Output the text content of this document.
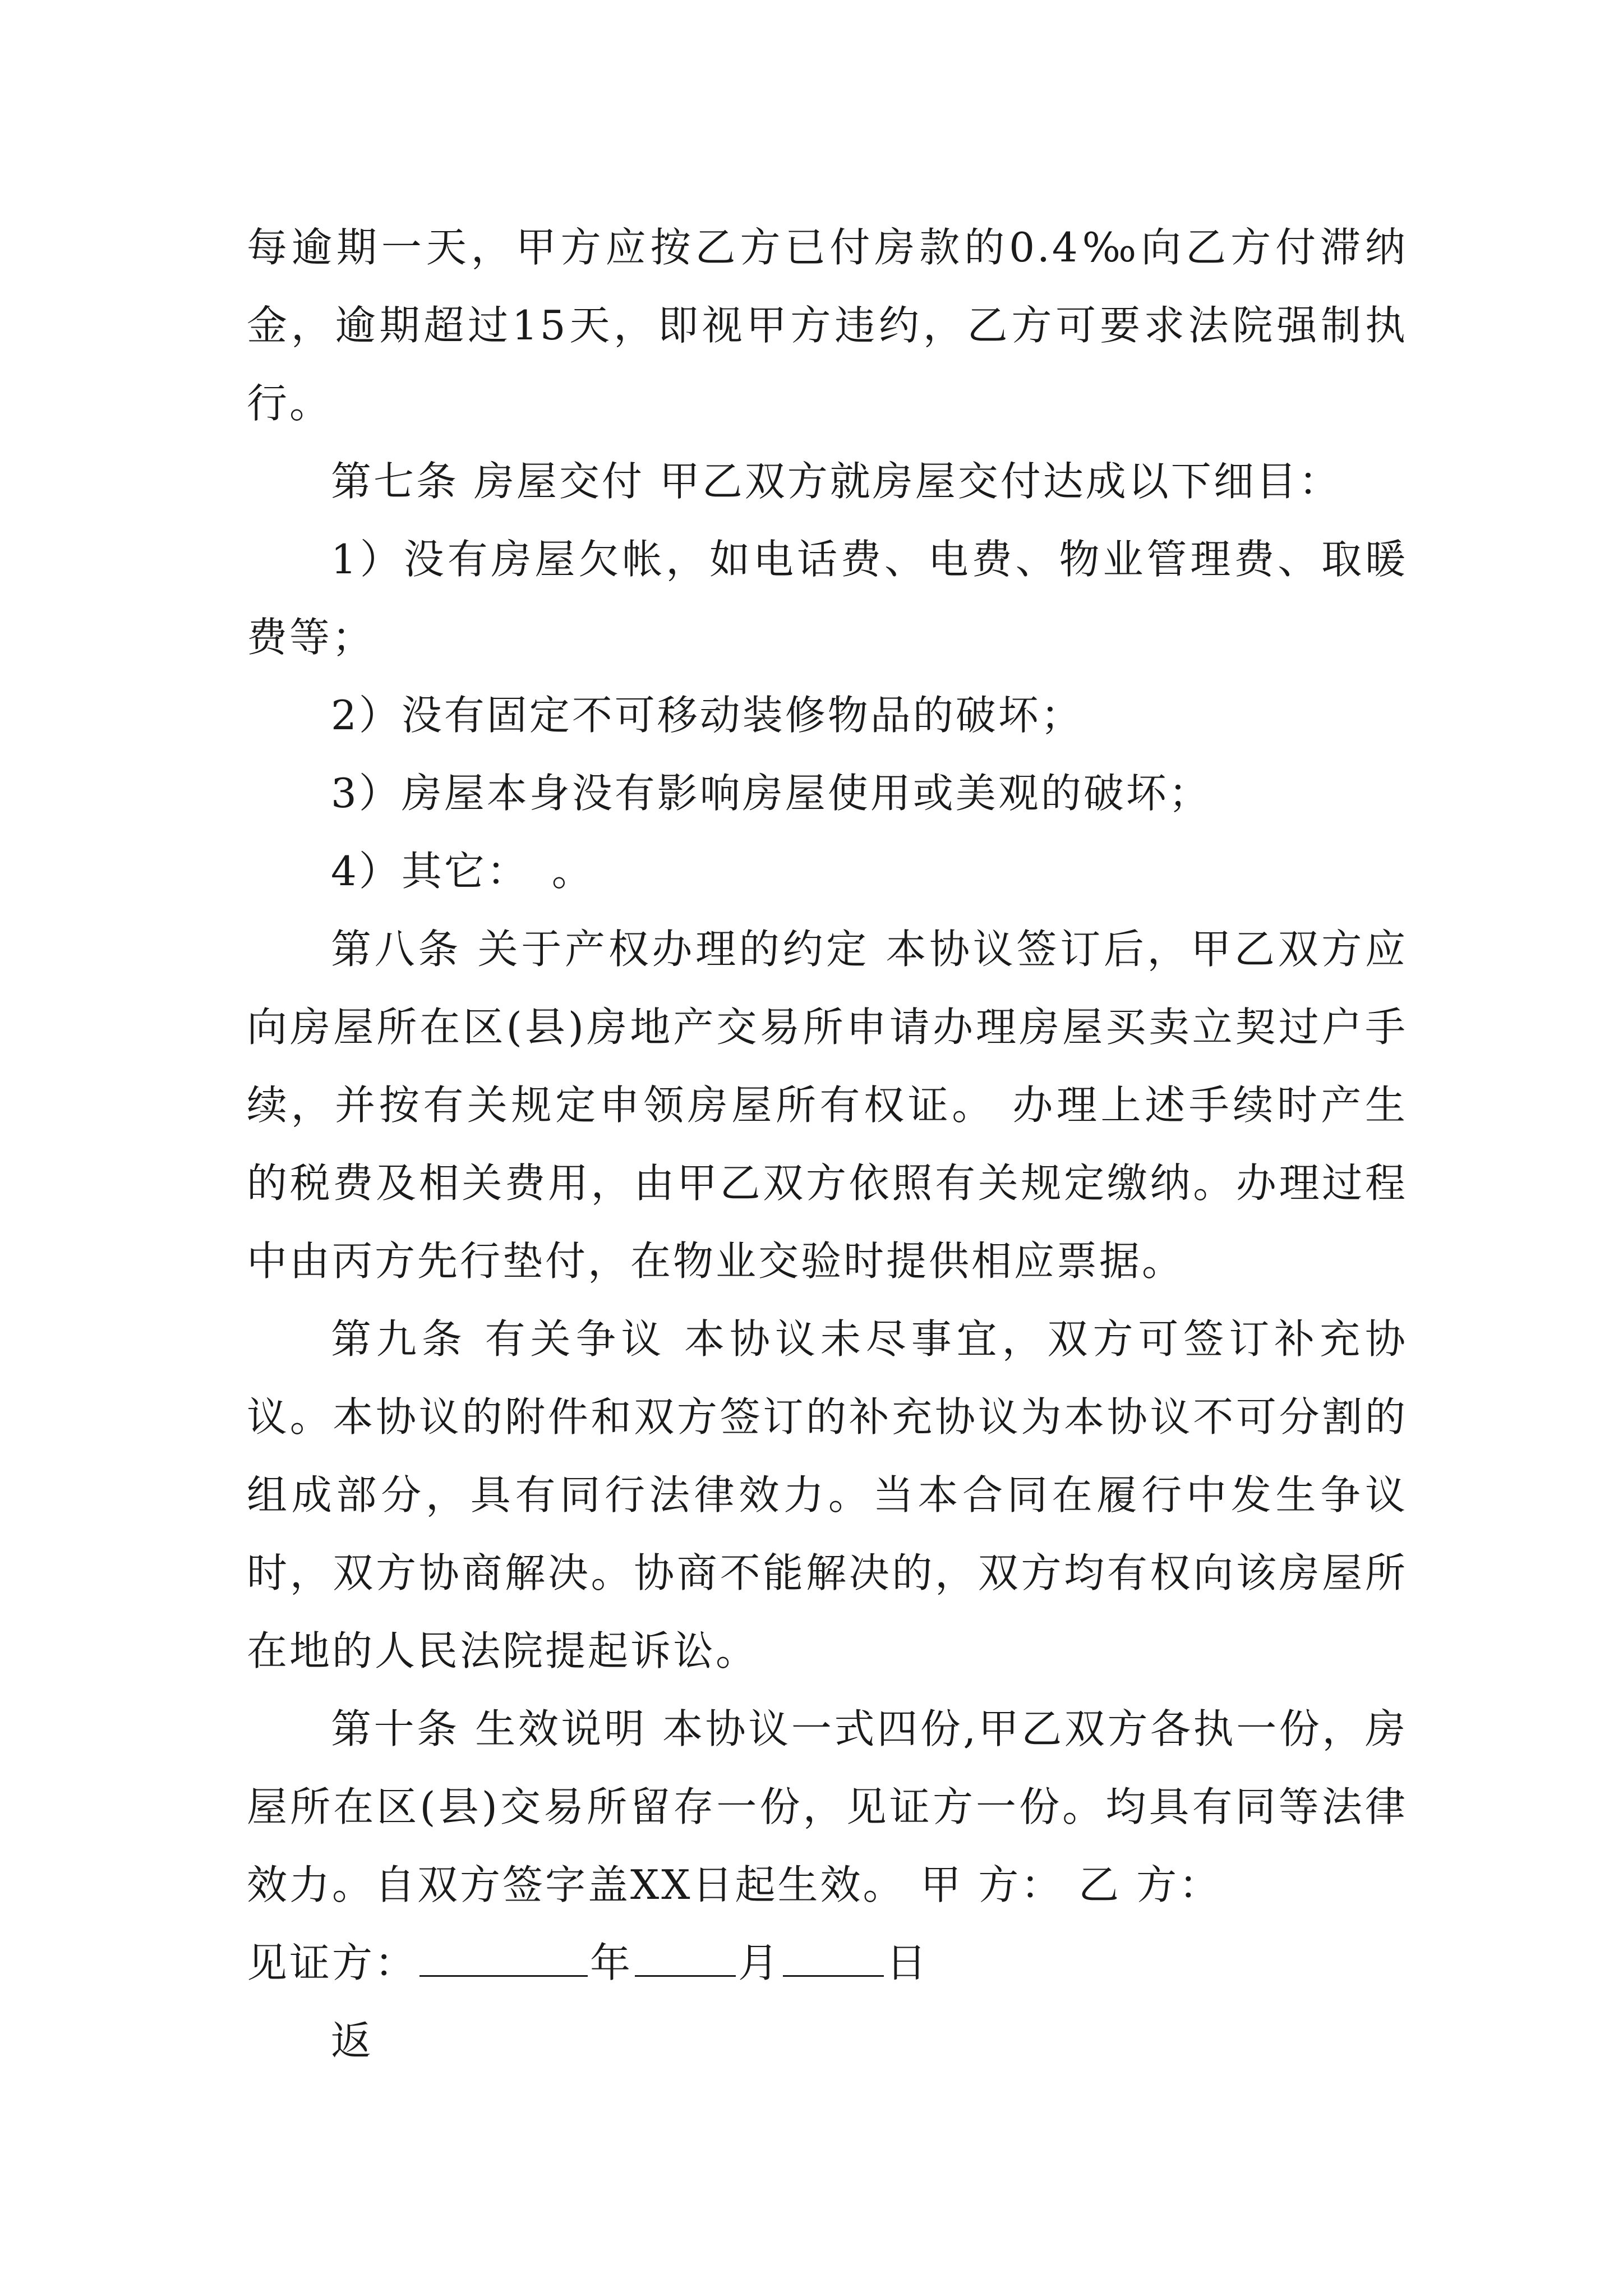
每逾期一天，甲方应按乙方已付房款的0.4‰向乙方付滞纳金，逾期超过15天，即视甲方违约，乙方可要求法院强制执行。

第七条 房屋交付 甲乙双方就房屋交付达成以下细目：

1）没有房屋欠帐，如电话费、电费、物业管理费、取暖费等；

2）没有固定不可移动装修物品的破坏；

3）房屋本身没有影响房屋使用或美观的破坏；

4）其它：　。

第八条 关于产权办理的约定 本协议签订后，甲乙双方应向房屋所在区(县)房地产交易所申请办理房屋买卖立契过户手续，并按有关规定申领房屋所有权证。 办理上述手续时产生的税费及相关费用，由甲乙双方依照有关规定缴纳。办理过程中由丙方先行垫付，在物业交验时提供相应票据。

第九条 有关争议 本协议未尽事宜，双方可签订补充协议。本协议的附件和双方签订的补充协议为本协议不可分割的组成部分，具有同行法律效力。当本合同在履行中发生争议时，双方协商解决。协商不能解决的，双方均有权向该房屋所在地的人民法院提起诉讼。

第十条 生效说明 本协议一式四份,甲乙双方各执一份，房屋所在区(县)交易所留存一份，见证方一份。均具有同等法律效力。自双方签字盖XX日起生效。 甲 方： 乙 方：

见证方：	年	月	日

返
